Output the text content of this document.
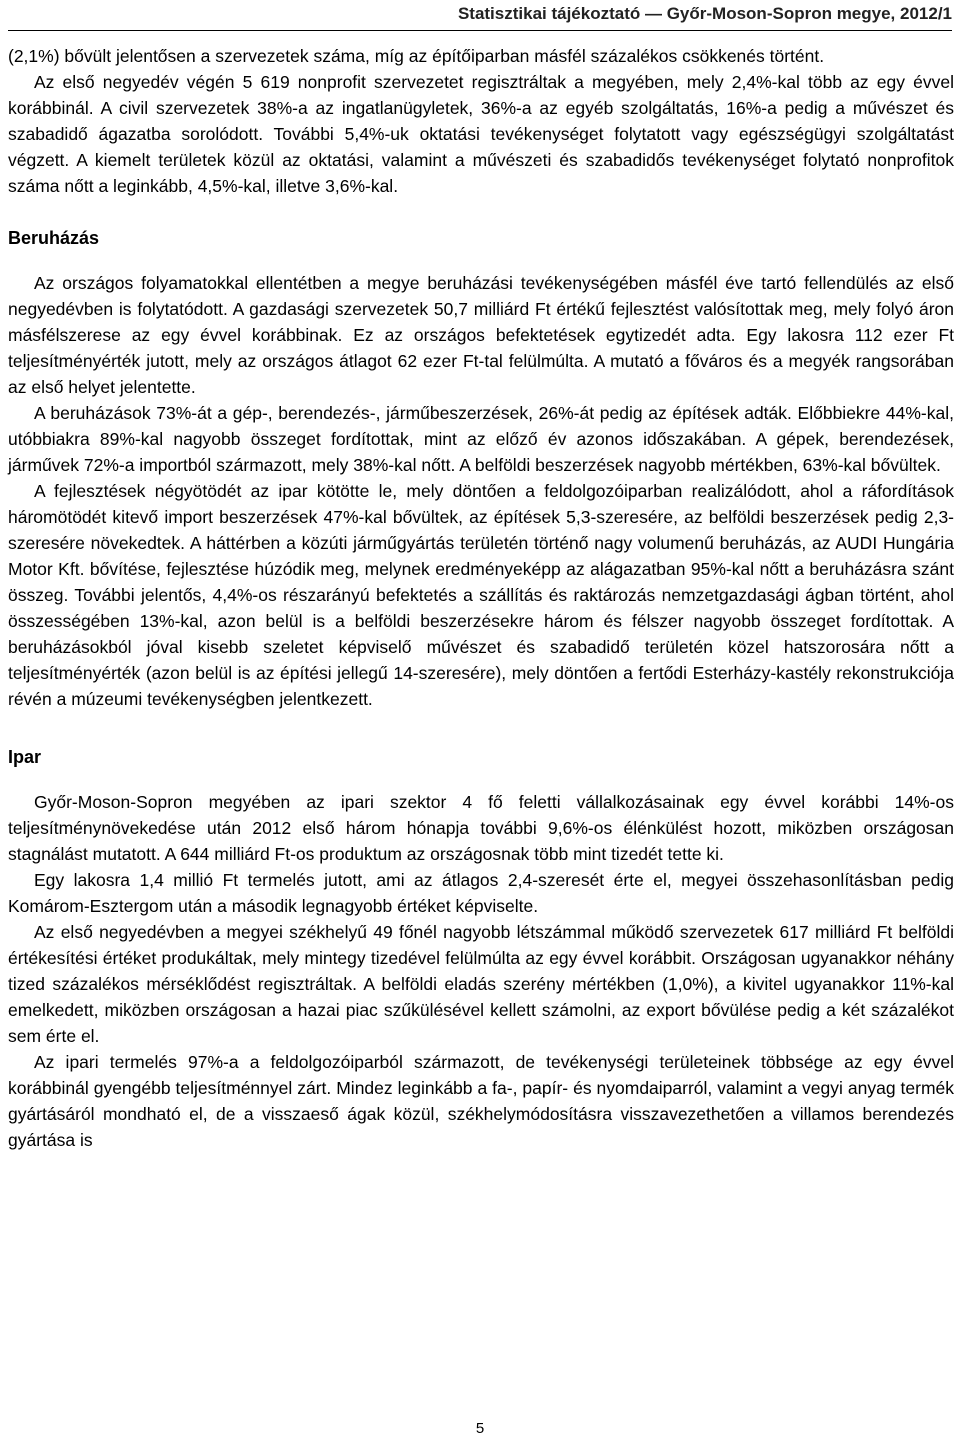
Statisztikai tájékoztató — Győr-Moson-Sopron megye, 2012/1

(2,1%) bővült jelentősen a szervezetek száma, míg az építőiparban másfél százalékos csökkenés történt.

Az első negyedév végén 5 619 nonprofit szervezetet regisztráltak a megyében, mely 2,4%-kal több az egy évvel korábbinál. A civil szervezetek 38%-a az ingatlanügyletek, 36%-a az egyéb szolgáltatás, 16%-a pedig a művészet és szabadidő ágazatba sorolódott. További 5,4%-uk oktatási tevékenységet folytatott vagy egészségügyi szolgáltatást végzett. A kiemelt területek közül az oktatási, valamint a művészeti és szabadidős tevékenységet folytató nonprofitok száma nőtt a leginkább, 4,5%-kal, illetve 3,6%-kal.

Beruházás

Az országos folyamatokkal ellentétben a megye beruházási tevékenységében másfél éve tartó fellendülés az első negyedévben is folytatódott. A gazdasági szervezetek 50,7 milliárd Ft értékű fejlesztést valósítottak meg, mely folyó áron másfélszerese az egy évvel korábbinak. Ez az országos befektetések egytizedét adta. Egy lakosra 112 ezer Ft teljesítményérték jutott, mely az országos átlagot 62 ezer Ft-tal felülmúlta. A mutató a főváros és a megyék rangsorában az első helyet jelentette.

A beruházások 73%-át a gép-, berendezés-, járműbeszerzések, 26%-át pedig az építések adták. Előbbiekre 44%-kal, utóbbiakra 89%-kal nagyobb összeget fordítottak, mint az előző év azonos időszakában. A gépek, berendezések, járművek 72%-a importból származott, mely 38%-kal nőtt. A belföldi beszerzések nagyobb mértékben, 63%-kal bővültek.

A fejlesztések négyötödét az ipar kötötte le, mely döntően a feldolgozóiparban realizálódott, ahol a ráfordítások háromötödét kitevő import beszerzések 47%-kal bővültek, az építések 5,3-szeresére, az belföldi beszerzések pedig 2,3-szeresére növekedtek. A háttérben a közúti járműgyártás területén történő nagy volumenű beruházás, az AUDI Hungária Motor Kft. bővítése, fejlesztése húzódik meg, melynek eredményeképp az alágazatban 95%-kal nőtt a beruházásra szánt összeg. További jelentős, 4,4%-os részarányú befektetés a szállítás és raktározás nemzetgazdasági ágban történt, ahol összességében 13%-kal, azon belül is a belföldi beszerzésekre három és félszer nagyobb összeget fordítottak. A beruházásokból jóval kisebb szeletet képviselő művészet és szabadidő területén közel hatszorosára nőtt a teljesítményérték (azon belül is az építési jellegű 14-szeresére), mely döntően a fertődi Esterházy-kastély rekonstrukciója révén a múzeumi tevékenységben jelentkezett.

Ipar

Győr-Moson-Sopron megyében az ipari szektor 4 fő feletti vállalkozásainak egy évvel korábbi 14%-os teljesítménynövekedése után 2012 első három hónapja további 9,6%-os élénkülést hozott, miközben országosan stagnálást mutatott. A 644 milliárd Ft-os produktum az országosnak több mint tizedét tette ki.

Egy lakosra 1,4 millió Ft termelés jutott, ami az átlagos 2,4-szeresét érte el, megyei összehasonlításban pedig Komárom-Esztergom után a második legnagyobb értéket képviselte.

Az első negyedévben a megyei székhelyű 49 főnél nagyobb létszámmal működő szervezetek 617 milliárd Ft belföldi értékesítési értéket produkáltak, mely mintegy tizedével felülmúlta az egy évvel korábbit. Országosan ugyanakkor néhány tized százalékos mérséklődést regisztráltak. A belföldi eladás szerény mértékben (1,0%), a kivitel ugyanakkor 11%-kal emelkedett, miközben országosan a hazai piac szűkülésével kellett számolni, az export bővülése pedig a két százalékot sem érte el.

Az ipari termelés 97%-a a feldolgozóiparból származott, de tevékenységi területeinek többsége az egy évvel korábbinál gyengébb teljesítménnyel zárt. Mindez leginkább a fa-, papír- és nyomdaiparról, valamint a vegyi anyag termék gyártásáról mondható el, de a visszaeső ágak közül, székhelymódosításra visszavezethetően a villamos berendezés gyártása is

5
